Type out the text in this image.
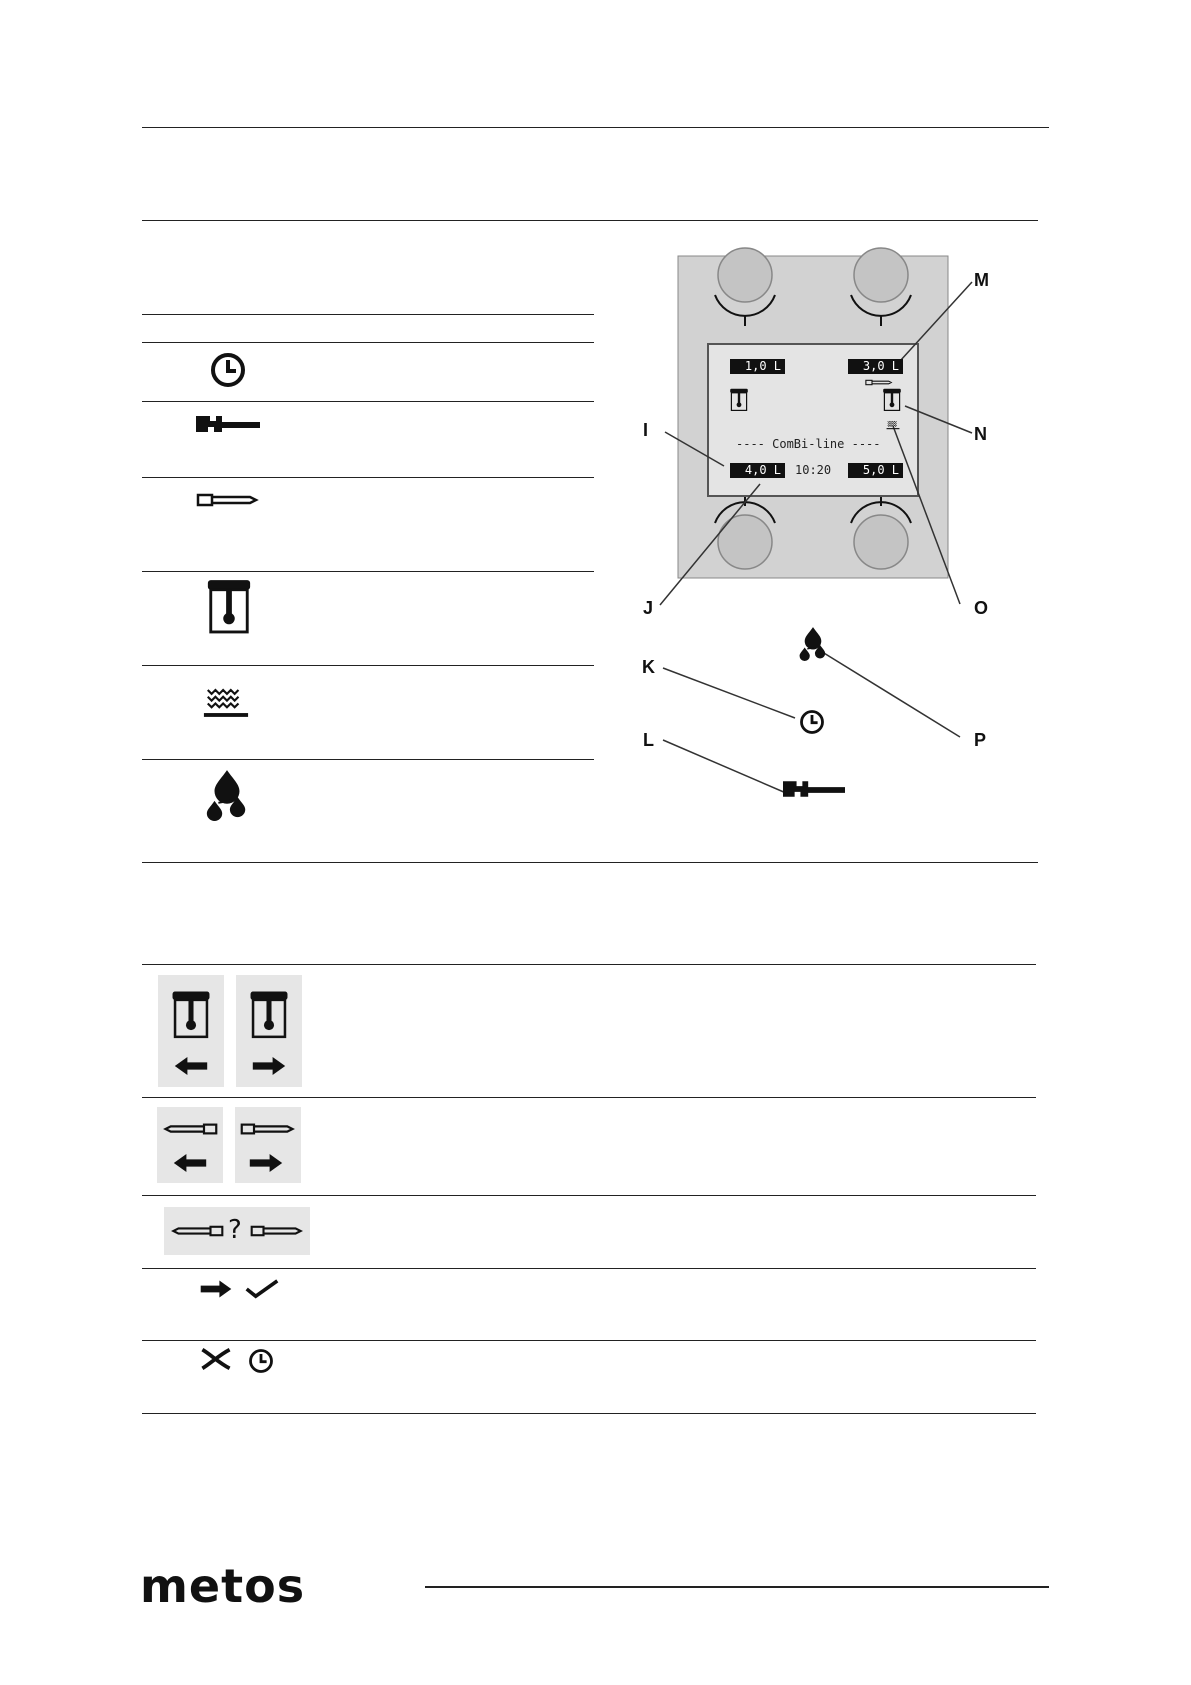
1,0 L	3,0 L
4,0 L	5,0 L
---- ComBi-line ----
10:20
I
J
K
L
M
N
O
P
?
metos
